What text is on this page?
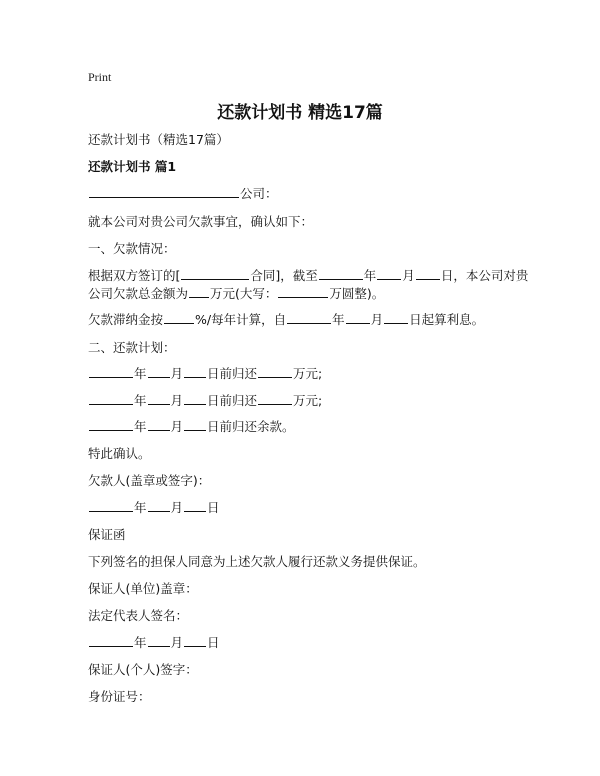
Print
还款计划书 精选17篇
还款计划书（精选17篇）
还款计划书 篇1
公司：
就本公司对贵公司欠款事宜，确认如下：
一、欠款情况：
根据双方签订的[	合同]，截至	年 月 日，本公司对贵
公司欠款总金额为 万元(大写：	万圆整)。
欠款滞纳金按	%/每年计算，自	年 月 日起算利息。
二、还款计划：
年 月 日前归还	万元;
年 月 日前归还	万元;
年 月 日前归还余款。
特此确认。
欠款人(盖章或签字)：
年 月 日
保证函
下列签名的担保人同意为上述欠款人履行还款义务提供保证。
保证人(单位)盖章：
法定代表人签名：
年 月 日
保证人(个人)签字：
身份证号：
